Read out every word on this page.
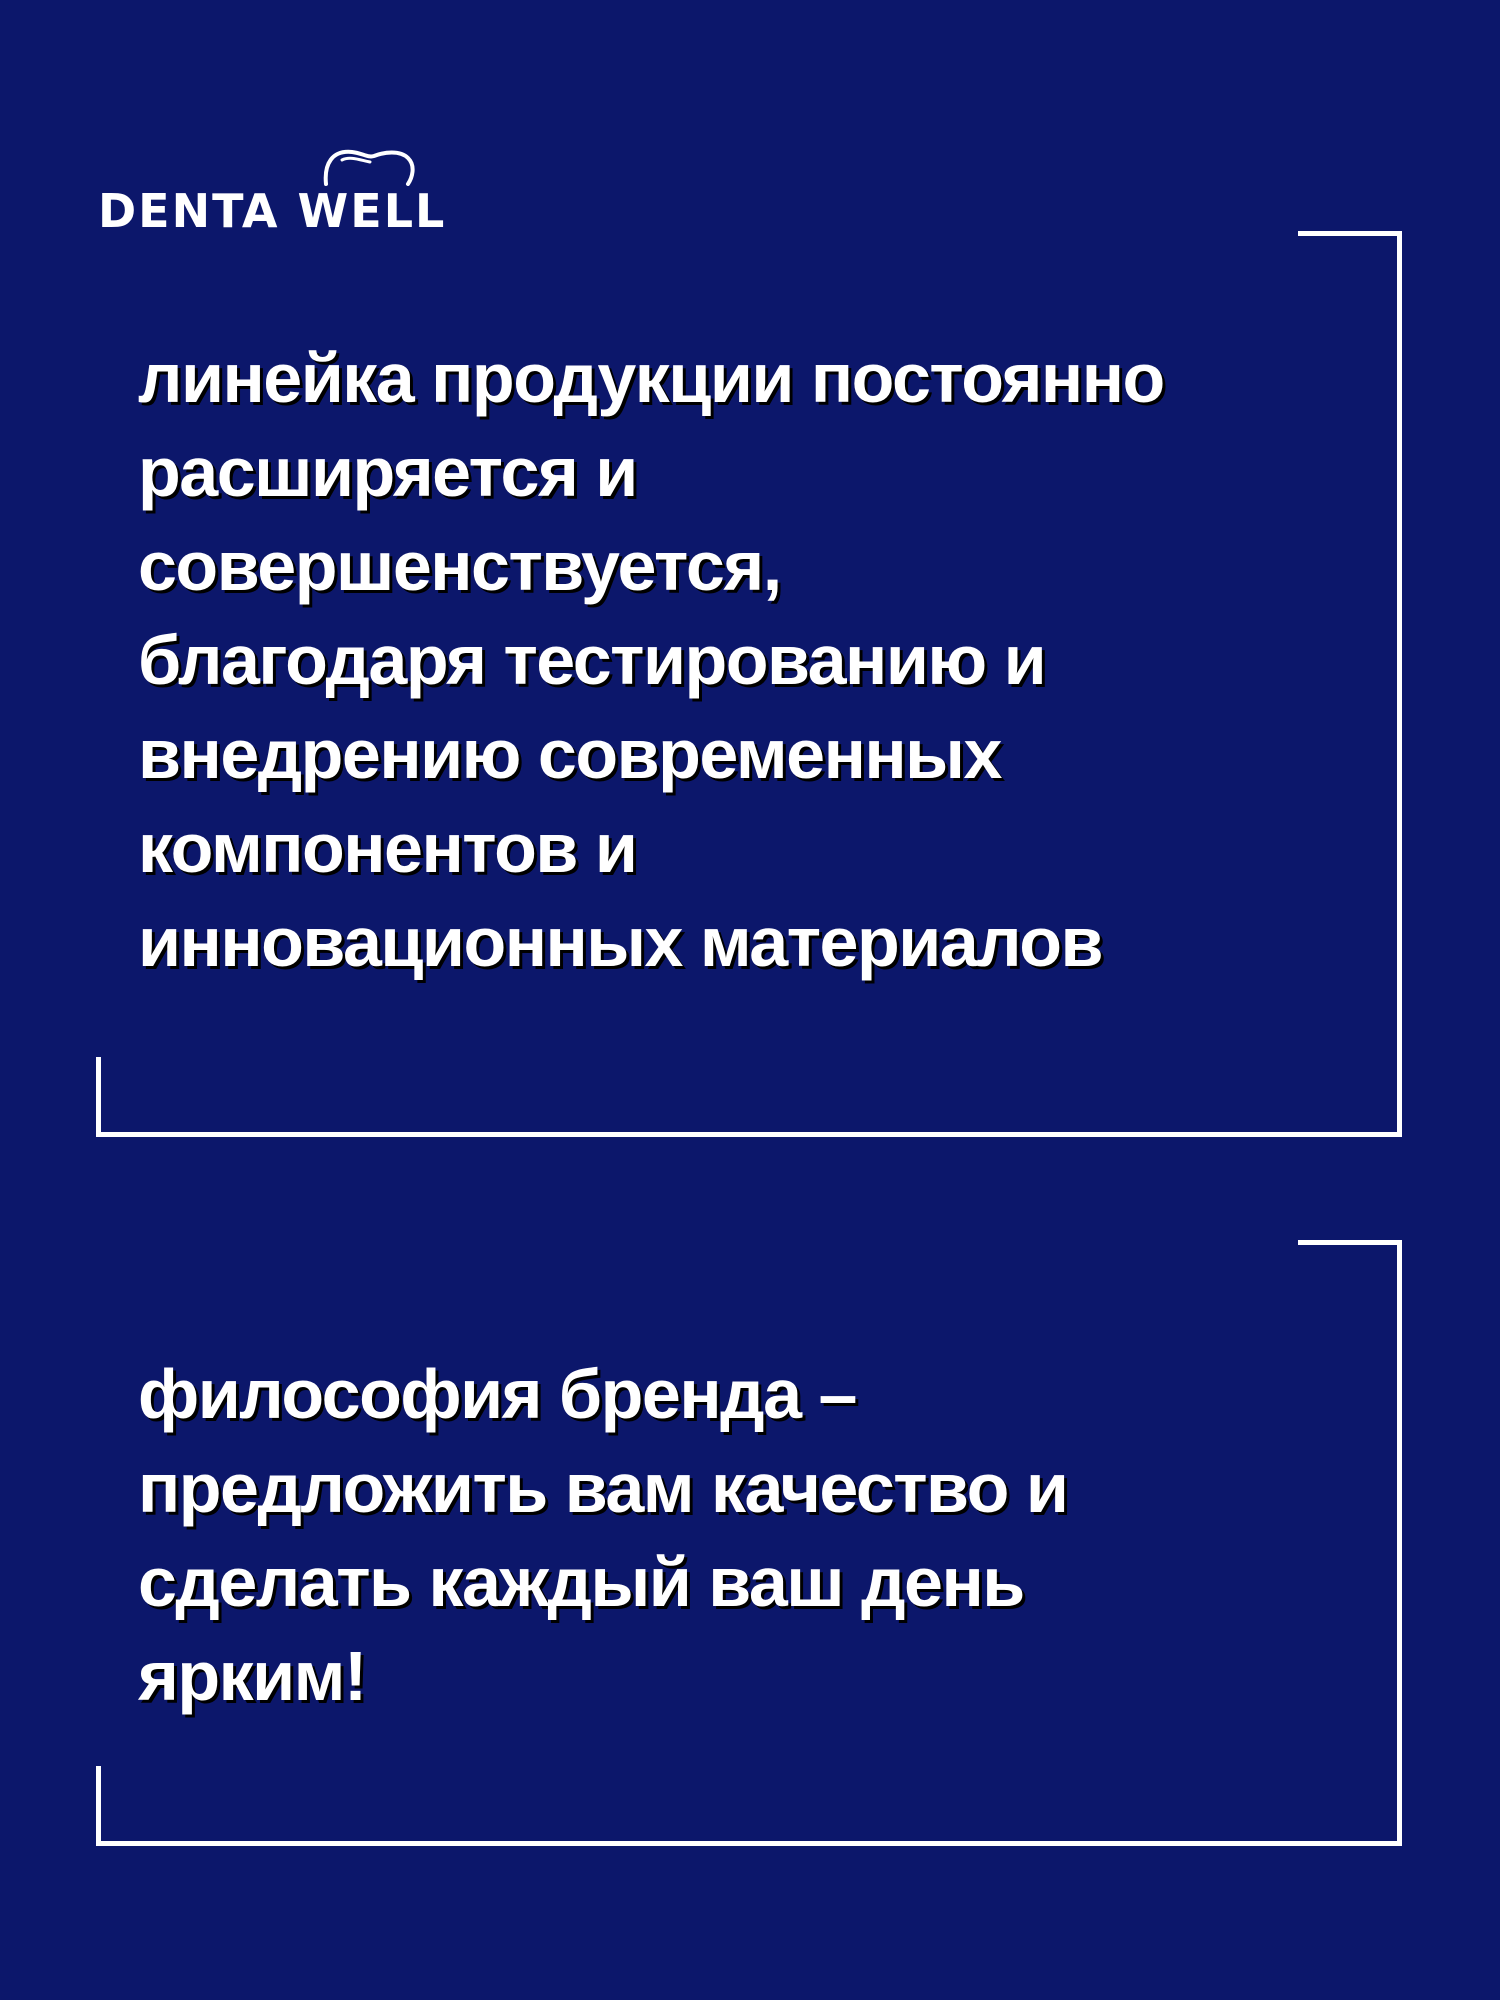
DENTA WELL

линейка продукции постоянно
расширяется и
совершенствуется,
благодаря тестированию и
внедрению современных
компонентов и
инновационных материалов

философия бренда –
предложить вам качество и
сделать каждый ваш день
ярким!
